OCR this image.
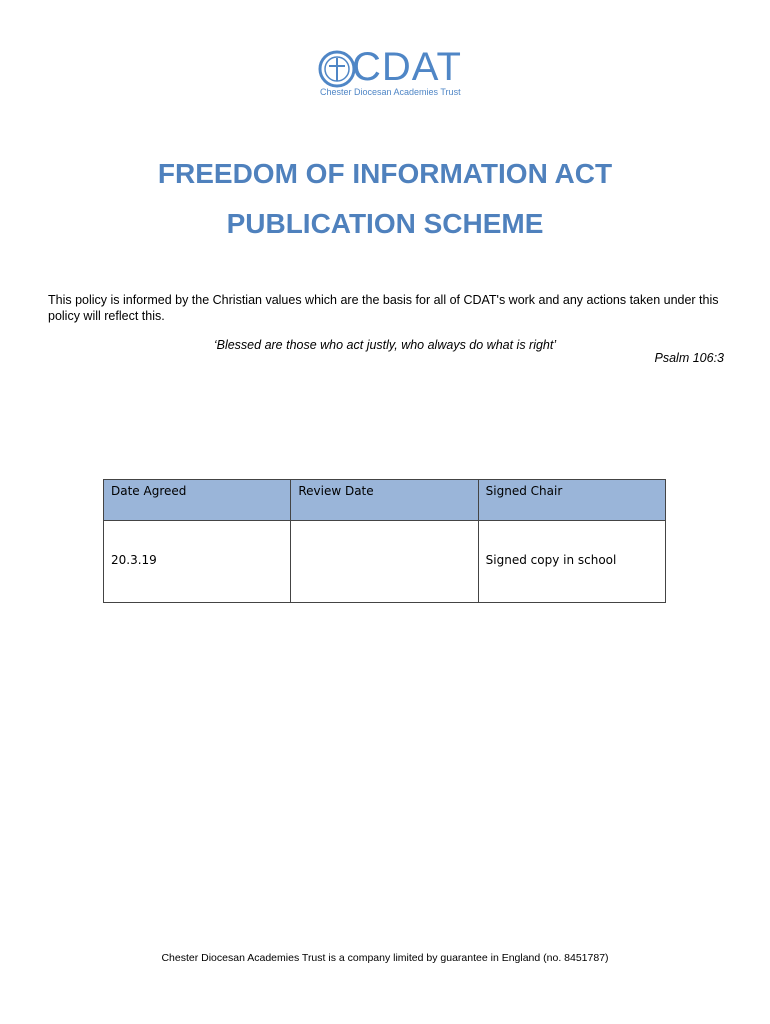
CDAT
Chester Diocesan Academies Trust
FREEDOM OF INFORMATION ACT
PUBLICATION SCHEME
This policy is informed by the Christian values which are the basis for all of CDAT's work and any actions taken under this policy will reflect this.
‘Blessed are those who act justly, who always do what is right’
Psalm 106:3
Date Agreed	Review Date	Signed Chair
20.3.19		Signed copy in school
Chester Diocesan Academies Trust is a company limited by guarantee in England (no. 8451787)
